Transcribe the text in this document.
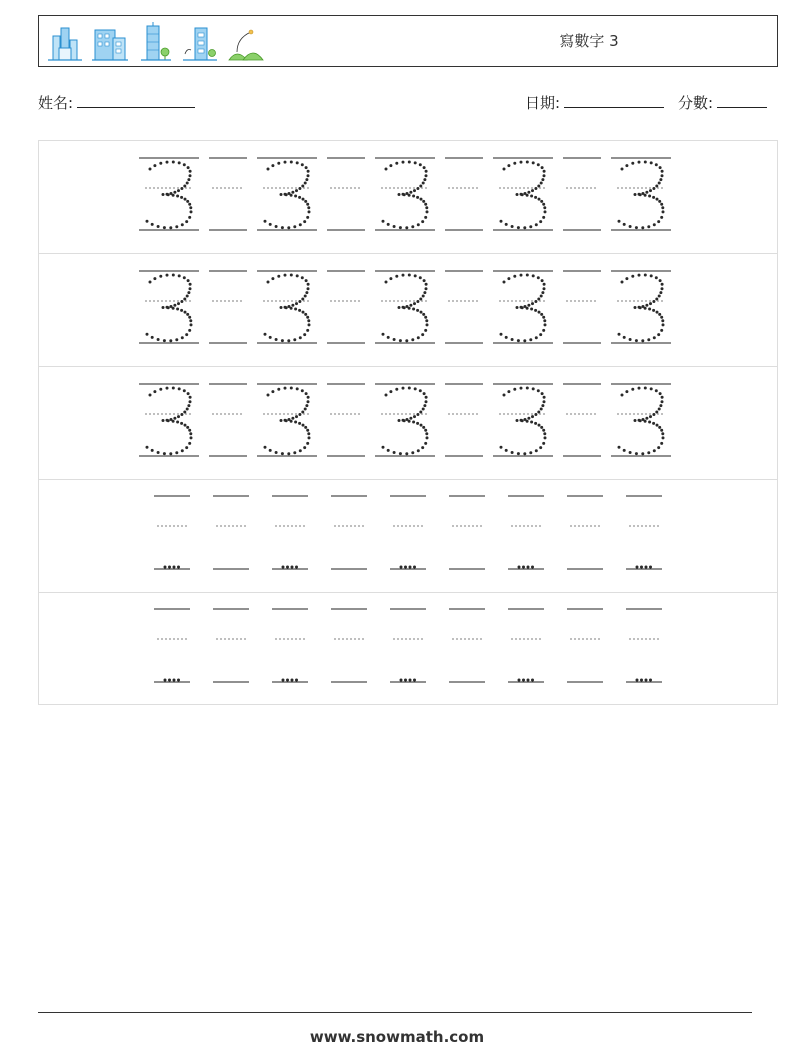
寫數字 3
姓名:	日期:	分數:
www.snowmath.com
